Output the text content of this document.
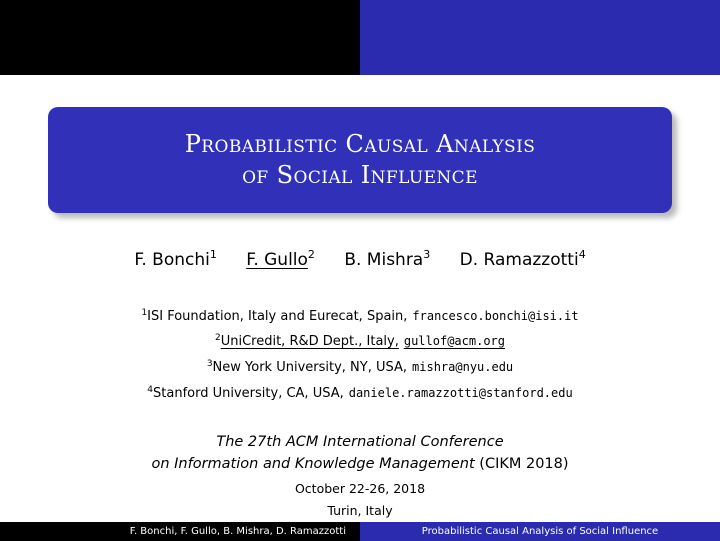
Probabilistic Causal Analysis
of Social Influence
F. Bonchi$^1$ F. Gullo$^2$ B. Mishra$^3$ D. Ramazzotti$^4$
$^1$ISI Foundation, Italy and Eurecat, Spain, francesco.bonchi@isi.it
$^2$UniCredit, R&D Dept., Italy, gullof@acm.org
$^3$New York University, NY, USA, mishra@nyu.edu
$^4$Stanford University, CA, USA, daniele.ramazzotti@stanford.edu
The 27th ACM International Conference
on Information and Knowledge Management (CIKM 2018)
October 22-26, 2018
Turin, Italy
F. Bonchi, F. Gullo, B. Mishra, D. Ramazzotti	Probabilistic Causal Analysis of Social Influence
